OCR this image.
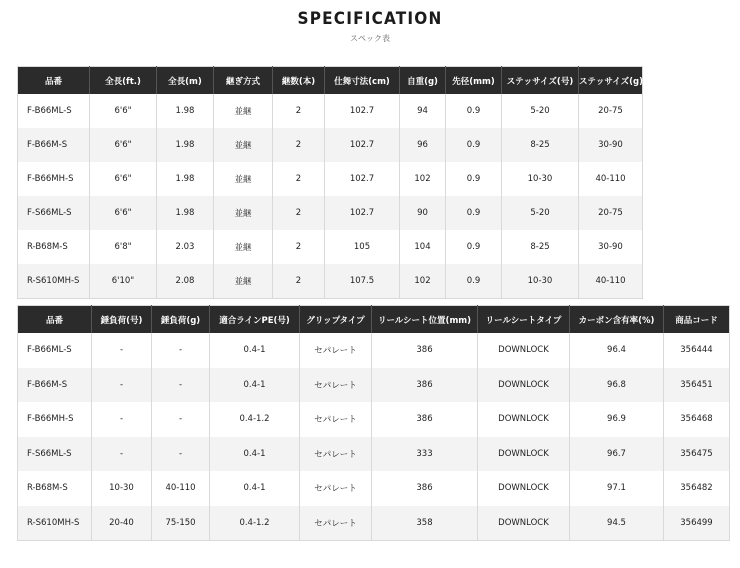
SPECIFICATION
スペック表
品番	全長(ft.)	全長(m)	継ぎ方式	継数(本)	仕舞寸法(cm)	自重(g)	先径(mm)	ステッサイズ(号)	ステッサイズ(g)
F-B66ML-S	6'6"	1.98	並継	2	102.7	94	0.9	5-20	20-75
F-B66M-S	6'6"	1.98	並継	2	102.7	96	0.9	8-25	30-90
F-B66MH-S	6'6"	1.98	並継	2	102.7	102	0.9	10-30	40-110
F-S66ML-S	6'6"	1.98	並継	2	102.7	90	0.9	5-20	20-75
R-B68M-S	6'8"	2.03	並継	2	105	104	0.9	8-25	30-90
R-S610MH-S	6'10"	2.08	並継	2	107.5	102	0.9	10-30	40-110
品番	錘負荷(号)	錘負荷(g)	適合ラインPE(号)	グリップタイプ	リールシート位置(mm)	リールシートタイプ	カーボン含有率(%)	商品コード
F-B66ML-S	-	-	0.4-1	セパレート	386	DOWNLOCK	96.4	356444
F-B66M-S	-	-	0.4-1	セパレート	386	DOWNLOCK	96.8	356451
F-B66MH-S	-	-	0.4-1.2	セパレート	386	DOWNLOCK	96.9	356468
F-S66ML-S	-	-	0.4-1	セパレート	333	DOWNLOCK	96.7	356475
R-B68M-S	10-30	40-110	0.4-1	セパレート	386	DOWNLOCK	97.1	356482
R-S610MH-S	20-40	75-150	0.4-1.2	セパレート	358	DOWNLOCK	94.5	356499
